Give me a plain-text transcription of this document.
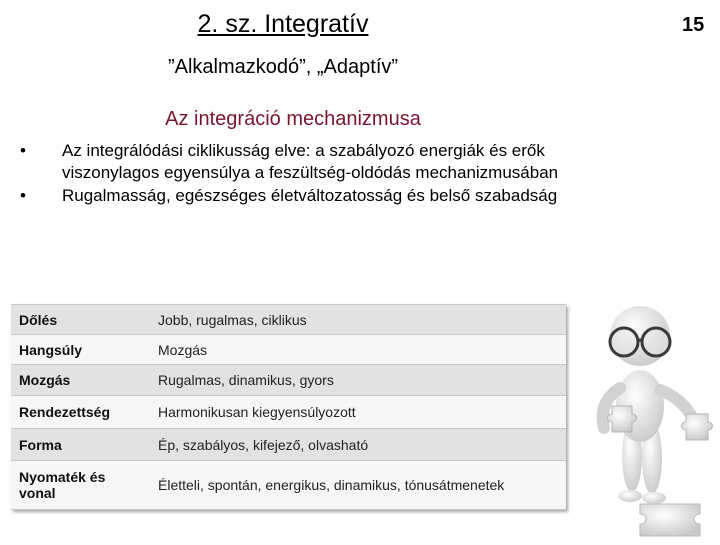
2. sz. Integratív
”Alkalmazkodó”, „Adaptív”
15
Az integráció mechanizmusa
• Az integrálódási ciklikusság elve: a szabályozó energiák és erők viszonylagos egyensúlya a feszültség-oldódás mechanizmusában
• Rugalmasság, egészséges életváltozatosság és belső szabadság
Dőlés	Jobb, rugalmas, ciklikus
Hangsúly	Mozgás
Mozgás	Rugalmas, dinamikus, gyors
Rendezettség	Harmonikusan kiegyensúlyozott
Forma	Ép, szabályos, kifejező, olvasható
Nyomaték és vonal	Életteli, spontán, energikus, dinamikus, tónusátmenetek
